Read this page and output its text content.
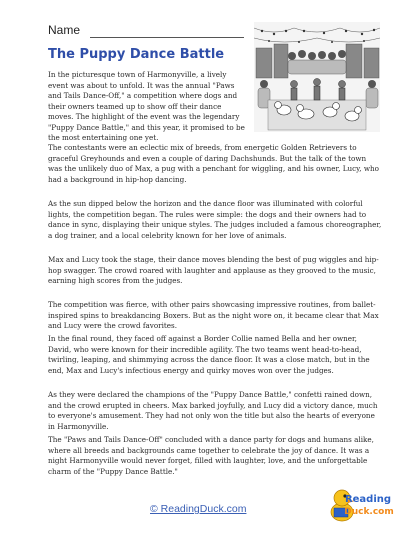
Name
The Puppy Dance Battle

In the picturesque town of Harmonyville, a lively event was about to unfold. It was the annual "Paws and Tails Dance-Off," a competition where dogs and their owners teamed up to show off their dance moves. The highlight of the event was the legendary "Puppy Dance Battle," and this year, it promised to be the most entertaining one yet.

The contestants were an eclectic mix of breeds, from energetic Golden Retrievers to graceful Greyhounds and even a couple of daring Dachshunds. But the talk of the town was the unlikely duo of Max, a pug with a penchant for wiggling, and his owner, Lucy, who had a background in hip-hop dancing.

As the sun dipped below the horizon and the dance floor was illuminated with colorful lights, the competition began. The rules were simple: the dogs and their owners had to dance in sync, displaying their unique styles. The judges included a famous choreographer, a dog trainer, and a local celebrity known for her love of animals.

Max and Lucy took the stage, their dance moves blending the best of pug wiggles and hip-hop swagger. The crowd roared with laughter and applause as they grooved to the music, earning high scores from the judges.

The competition was fierce, with other pairs showcasing impressive routines, from ballet-inspired spins to breakdancing Boxers. But as the night wore on, it became clear that Max and Lucy were the crowd favorites.

In the final round, they faced off against a Border Collie named Bella and her owner, David, who were known for their incredible agility. The two teams went head-to-head, twirling, leaping, and shimmying across the dance floor. It was a close match, but in the end, Max and Lucy's infectious energy and quirky moves won over the judges.

As they were declared the champions of the "Puppy Dance Battle," confetti rained down, and the crowd erupted in cheers. Max barked joyfully, and Lucy did a victory dance, much to everyone's amusement. They had not only won the title but also the hearts of everyone in Harmonyville.

The "Paws and Tails Dance-Off" concluded with a dance party for dogs and humans alike, where all breeds and backgrounds came together to celebrate the joy of dance. It was a night Harmonyville would never forget, filled with laughter, love, and the unforgettable charm of the "Puppy Dance Battle."

© ReadingDuck.com
Reading
Duck.com
